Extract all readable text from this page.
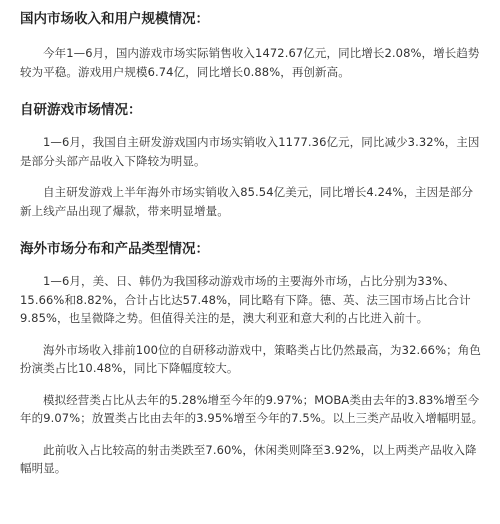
国内市场收入和用户规模情况：

今年1—6月，国内游戏市场实际销售收入1472.67亿元，同比增长2.08%，增长趋势较为平稳。游戏用户规模6.74亿，同比增长0.88%，再创新高。

自研游戏市场情况：

1—6月，我国自主研发游戏国内市场实销收入1177.36亿元，同比减少3.32%，主因是部分头部产品收入下降较为明显。

自主研发游戏上半年海外市场实销收入85.54亿美元，同比增长4.24%，主因是部分新上线产品出现了爆款，带来明显增量。

海外市场分布和产品类型情况：

1—6月，美、日、韩仍为我国移动游戏市场的主要海外市场，占比分别为33%、15.66%和8.82%，合计占比达57.48%，同比略有下降。德、英、法三国市场占比合计9.85%，也呈微降之势。但值得关注的是，澳大利亚和意大利的占比进入前十。

海外市场收入排前100位的自研移动游戏中，策略类占比仍然最高，为32.66%；角色扮演类占比10.48%，同比下降幅度较大。

模拟经营类占比从去年的5.28%增至今年的9.97%；MOBA类由去年的3.83%增至今年的9.07%；放置类占比由去年的3.95%增至今年的7.5%。以上三类产品收入增幅明显。

此前收入占比较高的射击类跌至7.60%，休闲类则降至3.92%，以上两类产品收入降幅明显。
